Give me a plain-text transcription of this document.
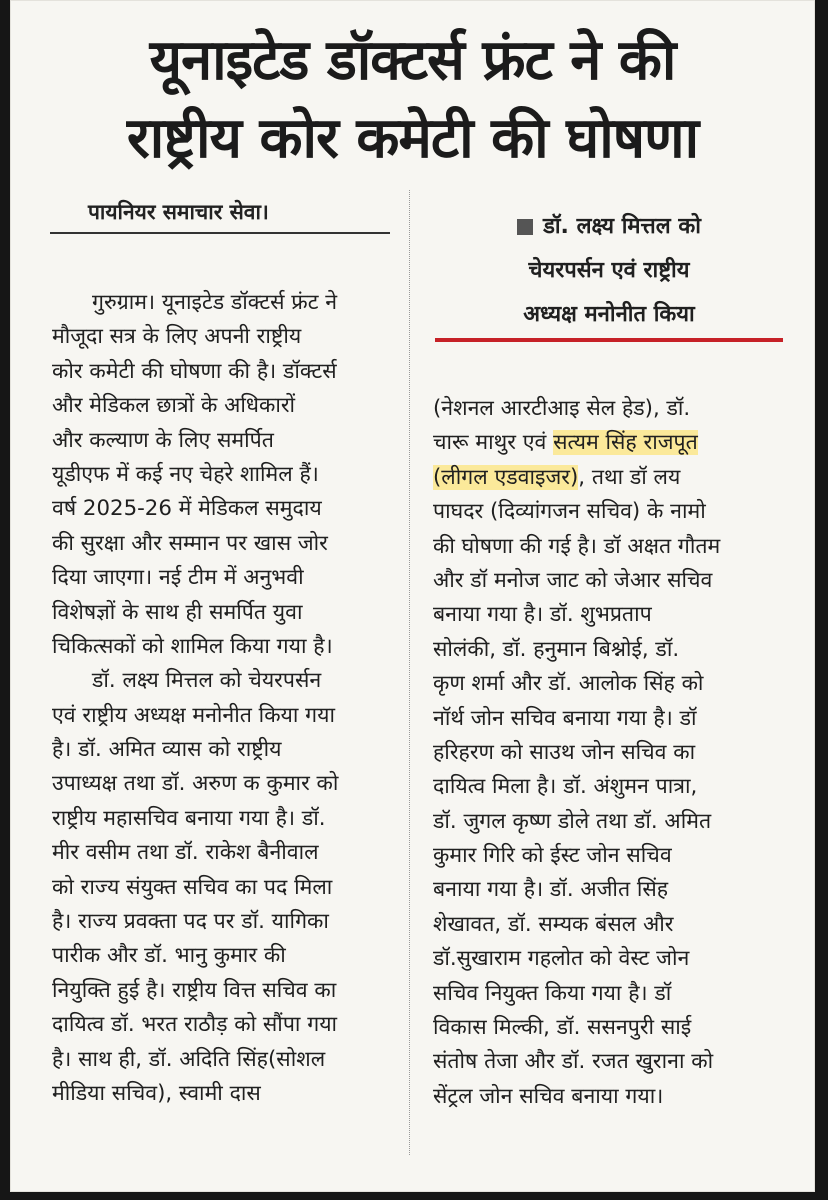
यूनाइटेड डॉक्टर्स फ्रंट ने की
राष्ट्रीय कोर कमेटी की घोषणा
पायनियर समाचार सेवा।
गुरुग्राम। यूनाइटेड डॉक्टर्स फ्रंट ने
मौजूदा सत्र के लिए अपनी राष्ट्रीय
कोर कमेटी की घोषणा की है। डॉक्टर्स
और मेडिकल छात्रों के अधिकारों
और कल्याण के लिए समर्पित
यूडीएफ में कई नए चेहरे शामिल हैं।
वर्ष 2025-26 में मेडिकल समुदाय
की सुरक्षा और सम्मान पर खास जोर
दिया जाएगा। नई टीम में अनुभवी
विशेषज्ञों के साथ ही समर्पित युवा
चिकित्सकों को शामिल किया गया है।
डॉ. लक्ष्य मित्तल को चेयरपर्सन
एवं राष्ट्रीय अध्यक्ष मनोनीत किया गया
है। डॉ. अमित व्यास को राष्ट्रीय
उपाध्यक्ष तथा डॉ. अरुण क कुमार को
राष्ट्रीय महासचिव बनाया गया है। डॉ.
मीर वसीम तथा डॉ. राकेश बैनीवाल
को राज्य संयुक्त सचिव का पद मिला
है। राज्य प्रवक्ता पद पर डॉ. यागिका
पारीक और डॉ. भानु कुमार की
नियुक्ति हुई है। राष्ट्रीय वित्त सचिव का
दायित्व डॉ. भरत राठौड़ को सौंपा गया
है। साथ ही, डॉ. अदिति सिंह(सोशल
मीडिया सचिव), स्वामी दास
डॉ. लक्ष्य मित्तल को
चेयरपर्सन एवं राष्ट्रीय
अध्यक्ष मनोनीत किया
(नेशनल आरटीआइ सेल हेड), डॉ.
चारू माथुर एवं सत्यम सिंह राजपूत
(लीगल एडवाइजर), तथा डॉ लय
पाघदर (दिव्यांगजन सचिव) के नामो
की घोषणा की गई है। डॉ अक्षत गौतम
और डॉ मनोज जाट को जेआर सचिव
बनाया गया है। डॉ. शुभप्रताप
सोलंकी, डॉ. हनुमान बिश्नोई, डॉ.
कृण शर्मा और डॉ. आलोक सिंह को
नॉर्थ जोन सचिव बनाया गया है। डॉ
हरिहरण को साउथ जोन सचिव का
दायित्व मिला है। डॉ. अंशुमन पात्रा,
डॉ. जुगल कृष्ण डोले तथा डॉ. अमित
कुमार गिरि को ईस्ट जोन सचिव
बनाया गया है। डॉ. अजीत सिंह
शेखावत, डॉ. सम्यक बंसल और
डॉ.सुखाराम गहलोत को वेस्ट जोन
सचिव नियुक्त किया गया है। डॉ
विकास मिल्की, डॉ. ससनपुरी साई
संतोष तेजा और डॉ. रजत खुराना को
सेंट्रल जोन सचिव बनाया गया।
